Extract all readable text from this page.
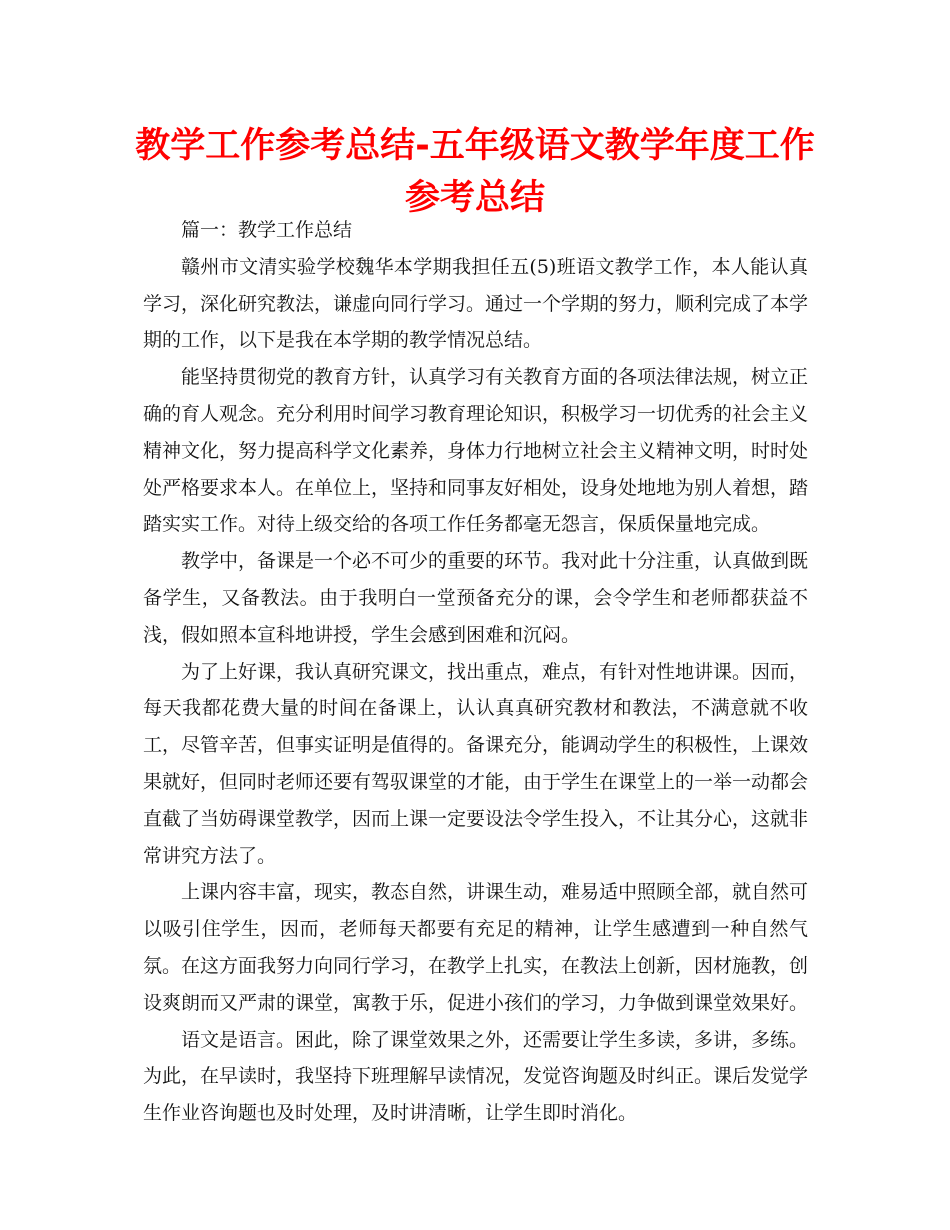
教学工作参考总结-五年级语文教学年度工作参考总结

篇一：教学工作总结

赣州市文清实验学校魏华本学期我担任五(5)班语文教学工作，本人能认真学习，深化研究教法，谦虚向同行学习。通过一个学期的努力，顺利完成了本学期的工作，以下是我在本学期的教学情况总结。

能坚持贯彻党的教育方针，认真学习有关教育方面的各项法律法规，树立正确的育人观念。充分利用时间学习教育理论知识，积极学习一切优秀的社会主义精神文化，努力提高科学文化素养，身体力行地树立社会主义精神文明，时时处处严格要求本人。在单位上，坚持和同事友好相处，设身处地地为别人着想，踏踏实实工作。对待上级交给的各项工作任务都毫无怨言，保质保量地完成。

教学中，备课是一个必不可少的重要的环节。我对此十分注重，认真做到既备学生，又备教法。由于我明白一堂预备充分的课，会令学生和老师都获益不浅，假如照本宣科地讲授，学生会感到困难和沉闷。

为了上好课，我认真研究课文，找出重点，难点，有针对性地讲课。因而，每天我都花费大量的时间在备课上，认认真真研究教材和教法，不满意就不收工，尽管辛苦，但事实证明是值得的。备课充分，能调动学生的积极性，上课效果就好，但同时老师还要有驾驭课堂的才能，由于学生在课堂上的一举一动都会直截了当妨碍课堂教学，因而上课一定要设法令学生投入，不让其分心，这就非常讲究方法了。

上课内容丰富，现实，教态自然，讲课生动，难易适中照顾全部，就自然可以吸引住学生，因而，老师每天都要有充足的精神，让学生感遭到一种自然气氛。在这方面我努力向同行学习，在教学上扎实，在教法上创新，因材施教，创设爽朗而又严肃的课堂，寓教于乐，促进小孩们的学习，力争做到课堂效果好。

语文是语言。困此，除了课堂效果之外，还需要让学生多读，多讲，多练。为此，在早读时，我坚持下班理解早读情况，发觉咨询题及时纠正。课后发觉学生作业咨询题也及时处理，及时讲清晰，让学生即时消化。
